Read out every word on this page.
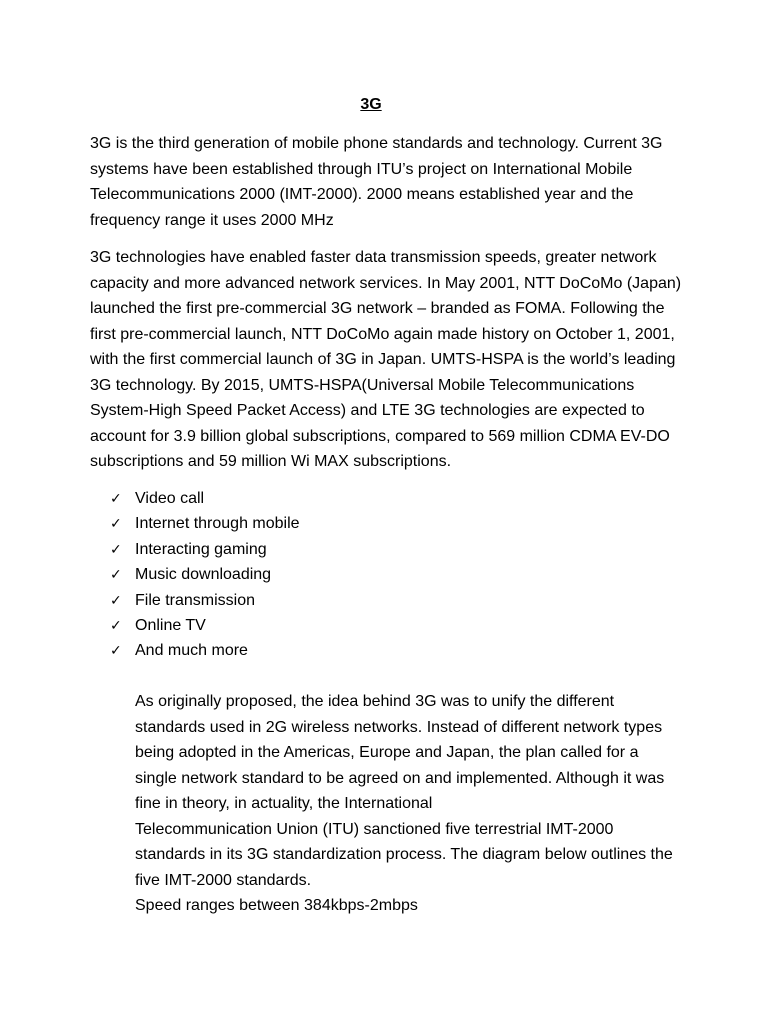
3G

3G is the third generation of mobile phone standards and technology. Current 3G
systems have been established through ITU’s project on International Mobile
Telecommunications 2000 (IMT-2000). 2000 means established year and the
frequency range it uses 2000 MHz

3G technologies have enabled faster data transmission speeds, greater network
capacity and more advanced network services. In May 2001, NTT DoCoMo (Japan)
launched the first pre-commercial 3G network – branded as FOMA. Following the
first pre-commercial launch, NTT DoCoMo again made history on October 1, 2001,
with the first commercial launch of 3G in Japan. UMTS-HSPA is the world’s leading
3G technology. By 2015, UMTS-HSPA(Universal Mobile Telecommunications
System-High Speed Packet Access) and LTE 3G technologies are expected to
account for 3.9 billion global subscriptions, compared to 569 million CDMA EV-DO
subscriptions and 59 million Wi MAX subscriptions.

✓ Video call
✓ Internet through mobile
✓ Interacting gaming
✓ Music downloading
✓ File transmission
✓ Online TV
✓ And much more

As originally proposed, the idea behind 3G was to unify the different
standards used in 2G wireless networks. Instead of different network types
being adopted in the Americas, Europe and Japan, the plan called for a
single network standard to be agreed on and implemented. Although it was
fine in theory, in actuality, the International
Telecommunication Union (ITU) sanctioned five terrestrial IMT-2000
standards in its 3G standardization process. The diagram below outlines the
five IMT-2000 standards.
Speed ranges between 384kbps-2mbps
